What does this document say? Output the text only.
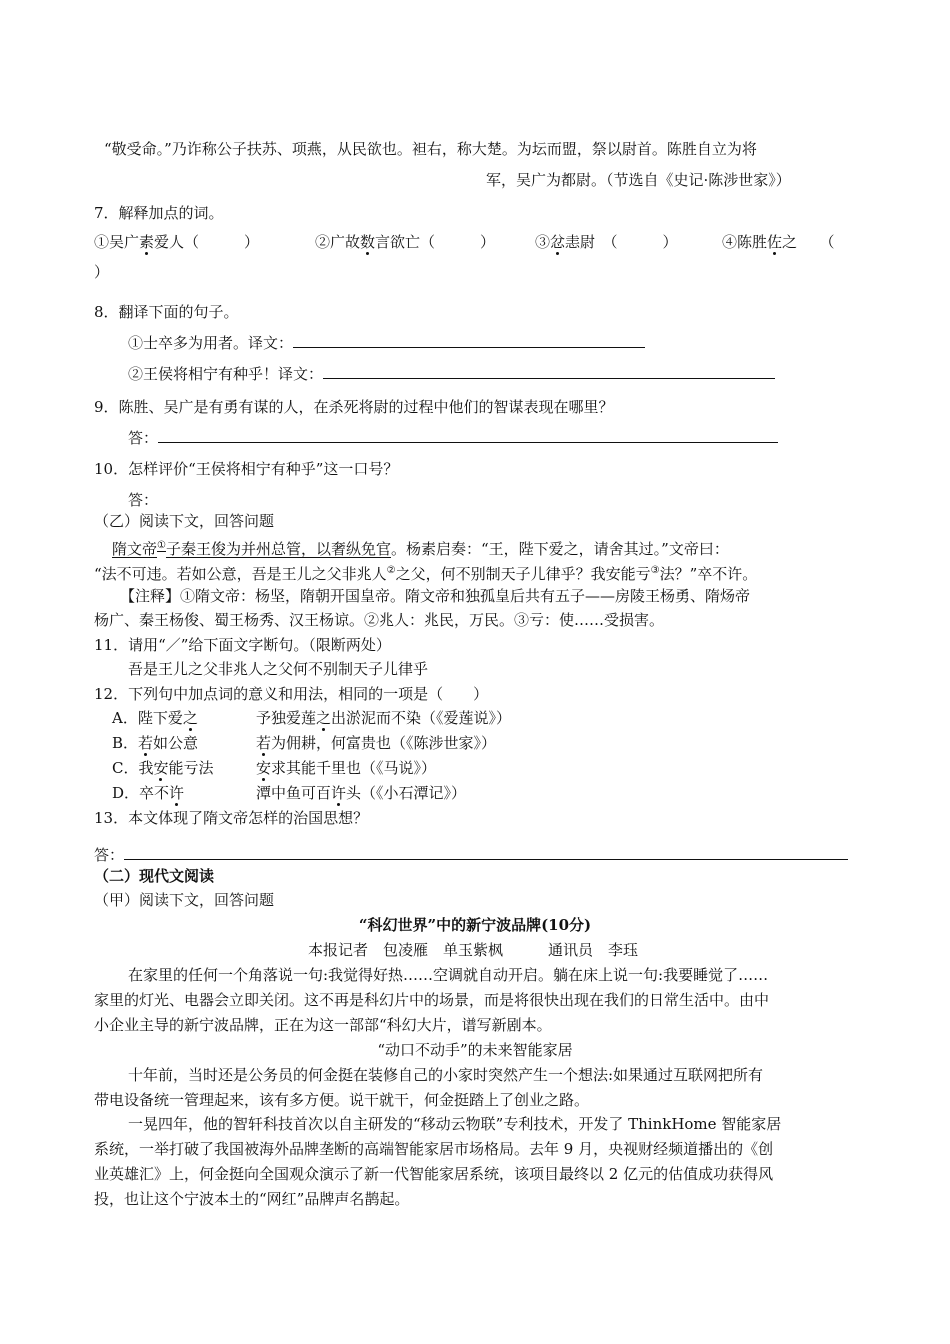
“敬受命。”乃诈称公子扶苏、项燕，从民欲也。袒右，称大楚。为坛而盟，祭以尉首。陈胜自立为将
军，吴广为都尉。（节选自《史记·陈涉世家》）
7．解释加点的词。
①吴广素爱人（　　　）	②广故数言欲亡（　　　）	③忿恚尉　（　　　）	④陈胜佐之　　（
）
8．翻译下面的句子。
①士卒多为用者。译文：
②王侯将相宁有种乎！译文：
9．陈胜、吴广是有勇有谋的人，在杀死将尉的过程中他们的智谋表现在哪里？
答：
10．怎样评价“王侯将相宁有种乎”这一口号？
答：
（乙）阅读下文，回答问题
隋文帝①子秦王俊为并州总管，以奢纵免官。杨素启奏：“王，陛下爱之，请舍其过。”文帝曰：
“法不可违。若如公意，吾是王儿之父非兆人②之父，何不别制天子儿律乎？我安能亏③法？”卒不许。
【注释】①隋文帝：杨坚，隋朝开国皇帝。隋文帝和独孤皇后共有五子——房陵王杨勇、隋炀帝
杨广、秦王杨俊、蜀王杨秀、汉王杨谅。②兆人：兆民，万民。③亏：使……受损害。
11．请用“／”给下面文字断句。（限断两处）
吾是王儿之父非兆人之父何不别制天子儿律乎
12．下列句中加点词的意义和用法，相同的一项是（　　）
A．陛下爱之	予独爱莲之出淤泥而不染（《爱莲说》）
B．若如公意	若为佣耕，何富贵也（《陈涉世家》）
C．我安能亏法	安求其能千里也（《马说》）
D．卒不许	潭中鱼可百许头（《小石潭记》）
13．本文体现了隋文帝怎样的治国思想？
答：
（二）现代文阅读
（甲）阅读下文，回答问题
“科幻世界”中的新宁波品牌(10分)
本报记者　包凌雁　单玉紫枫　　　通讯员　李珏
在家里的任何一个角落说一句:我觉得好热……空调就自动开启。躺在床上说一句:我要睡觉了……
家里的灯光、电器会立即关闭。这不再是科幻片中的场景，而是将很快出现在我们的日常生活中。由中
小企业主导的新宁波品牌，正在为这一部部“科幻大片，谱写新剧本。
“动口不动手”的未来智能家居
十年前，当时还是公务员的何金挺在装修自己的小家时突然产生一个想法:如果通过互联网把所有
带电设备统一管理起来，该有多方便。说干就干，何金挺踏上了创业之路。
一晃四年，他的智轩科技首次以自主研发的“移动云物联”专利技术，开发了 ThinkHome 智能家居
系统，一举打破了我国被海外品牌垄断的高端智能家居市场格局。去年 9 月，央视财经频道播出的《创
业英雄汇》上，何金挺向全国观众演示了新一代智能家居系统，该项目最终以 2 亿元的估值成功获得风
投，也让这个宁波本土的“网红”品牌声名鹊起。
